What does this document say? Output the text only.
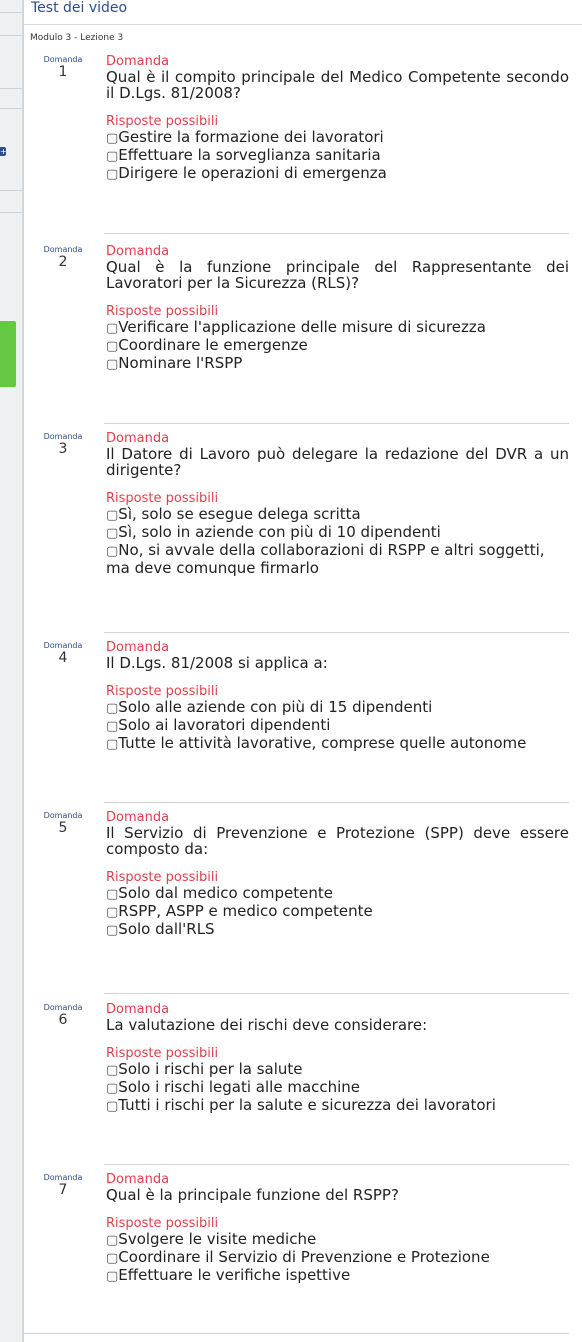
+
Test dei video
Modulo 3 - Lezione 3
Domanda
1
Domanda
Qual è il compito principale del Medico Competente secondo il D.Lgs. 81/2008?
Risposte possibili
▢Gestire la formazione dei lavoratori
▢Effettuare la sorveglianza sanitaria
▢Dirigere le operazioni di emergenza
Domanda
2
Domanda
Qual è la funzione principale del Rappresentante dei Lavoratori per la Sicurezza (RLS)?
Risposte possibili
▢Verificare l'applicazione delle misure di sicurezza
▢Coordinare le emergenze
▢Nominare l'RSPP
Domanda
3
Domanda
Il Datore di Lavoro può delegare la redazione del DVR a un dirigente?
Risposte possibili
▢Sì, solo se esegue delega scritta
▢Sì, solo in aziende con più di 10 dipendenti
▢No, si avvale della collaborazioni di RSPP e altri soggetti, ma deve comunque firmarlo
Domanda
4
Domanda
Il D.Lgs. 81/2008 si applica a:
Risposte possibili
▢Solo alle aziende con più di 15 dipendenti
▢Solo ai lavoratori dipendenti
▢Tutte le attività lavorative, comprese quelle autonome
Domanda
5
Domanda
Il Servizio di Prevenzione e Protezione (SPP) deve essere composto da:
Risposte possibili
▢Solo dal medico competente
▢RSPP, ASPP e medico competente
▢Solo dall'RLS
Domanda
6
Domanda
La valutazione dei rischi deve considerare:
Risposte possibili
▢Solo i rischi per la salute
▢Solo i rischi legati alle macchine
▢Tutti i rischi per la salute e sicurezza dei lavoratori
Domanda
7
Domanda
Qual è la principale funzione del RSPP?
Risposte possibili
▢Svolgere le visite mediche
▢Coordinare il Servizio di Prevenzione e Protezione
▢Effettuare le verifiche ispettive
